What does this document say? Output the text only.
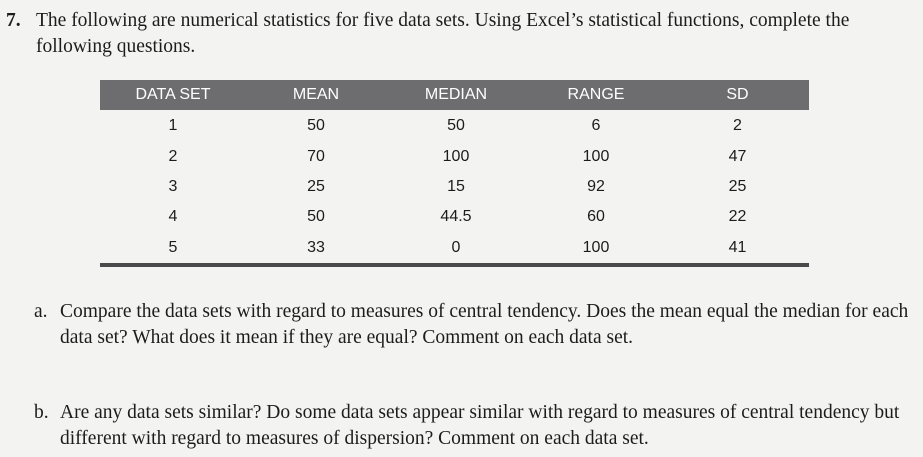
7. The following are numerical statistics for five data sets. Using Excel’s statistical functions, complete the following questions.
DATA SET	MEAN	MEDIAN	RANGE	SD
1	50	50	6	2
2	70	100	100	47
3	25	15	92	25
4	50	44.5	60	22
5	33	0	100	41
a. Compare the data sets with regard to measures of central tendency. Does the mean equal the median for each data set? What does it mean if they are equal? Comment on each data set.
b. Are any data sets similar? Do some data sets appear similar with regard to measures of central tendency but different with regard to measures of dispersion? Comment on each data set.
